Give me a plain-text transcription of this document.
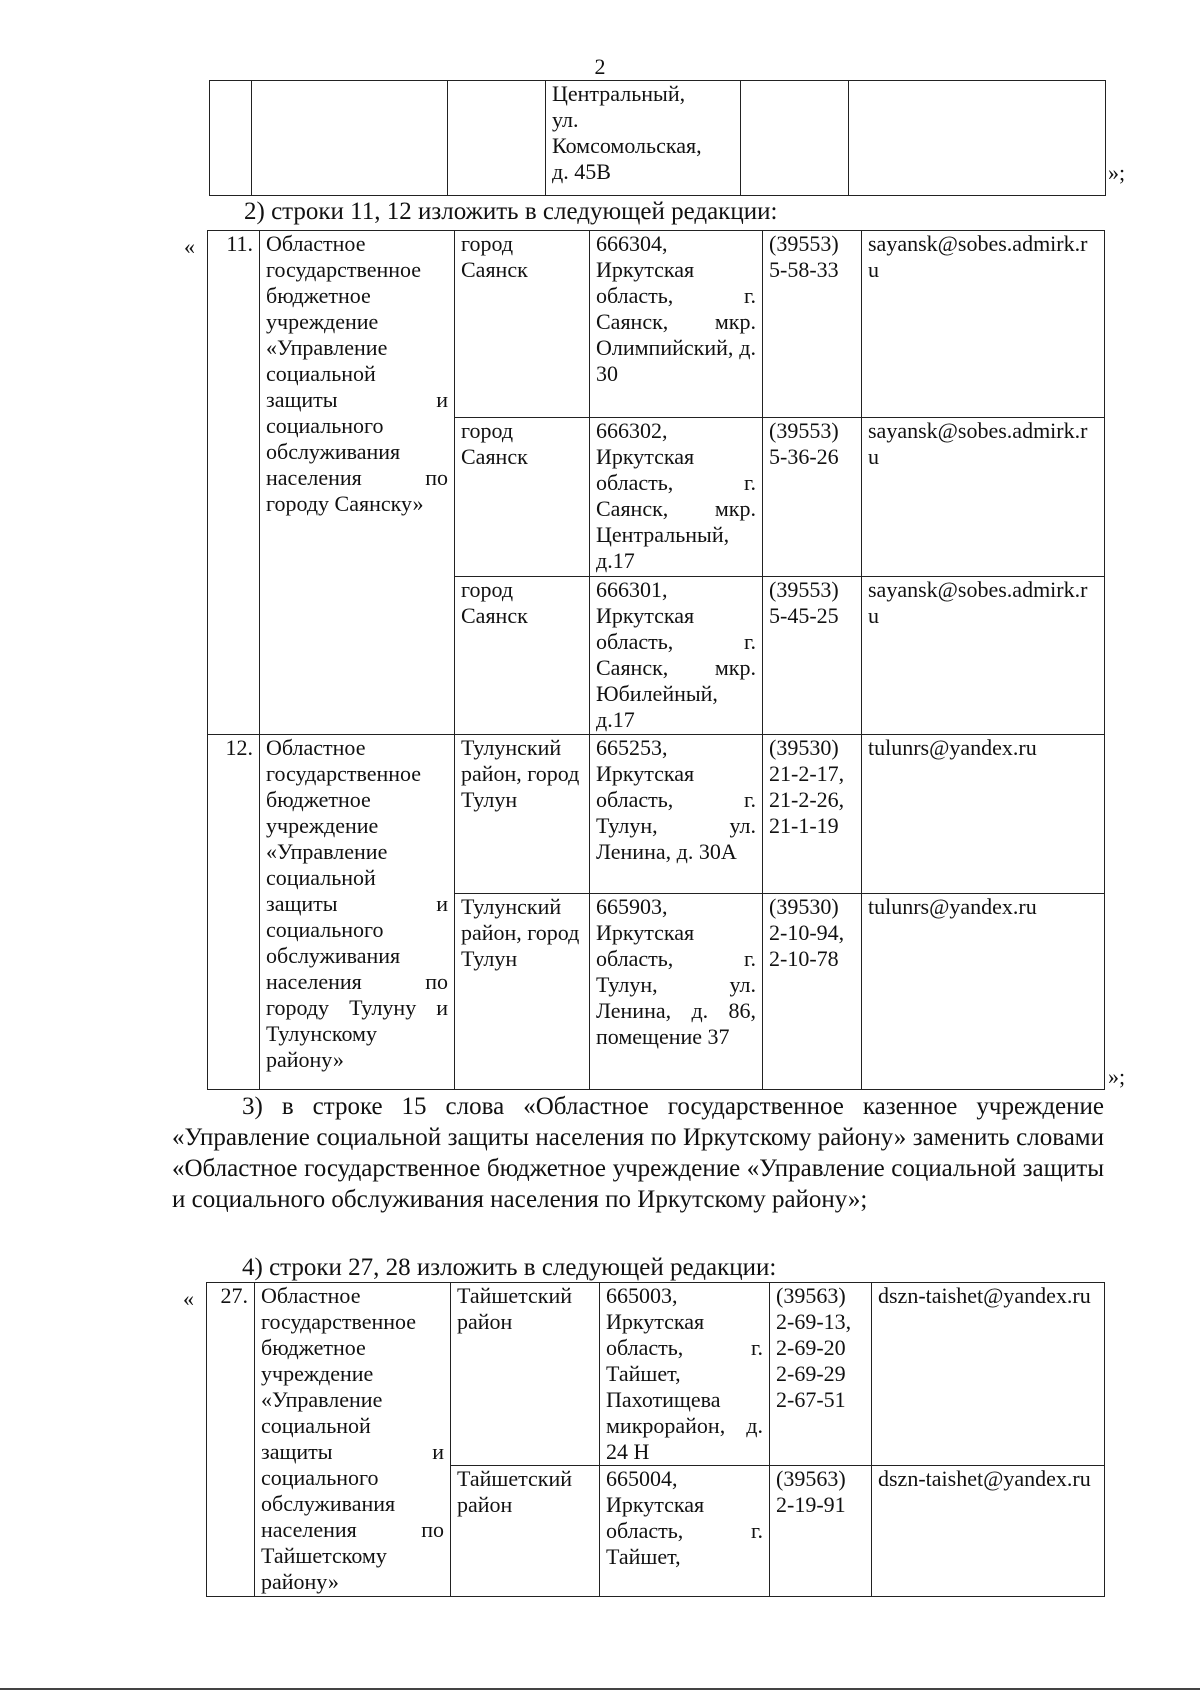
2
			Центральный,
ул.
Комсомольская,
д. 45В			»;
2) строки 11, 12 изложить в следующей редакции:
« 11.	Областное государственное бюджетное учреждение «Управление социальной защиты и социального обслуживания населения по городу Саянску»	город Саянск	666304, Иркутская область, г. Саянск, мкр. Олимпийский, д. 30	(39553) 5-58-33	sayansk@sobes.admirk.ru
		город Саянск	666302, Иркутская область, г. Саянск, мкр. Центральный, д.17	(39553) 5-36-26	sayansk@sobes.admirk.ru
		город Саянск	666301, Иркутская область, г. Саянск, мкр. Юбилейный, д.17	(39553) 5-45-25	sayansk@sobes.admirk.ru
12.	Областное государственное бюджетное учреждение «Управление социальной защиты и социального обслуживания населения по городу Тулуну и Тулунскому району»	Тулунский район, город Тулун	665253, Иркутская область, г. Тулун, ул. Ленина, д. 30А	(39530) 21-2-17, 21-2-26, 21-1-19	tulunrs@yandex.ru
		Тулунский район, город Тулун	665903, Иркутская область, г. Тулун, ул. Ленина, д. 86, помещение 37	(39530) 2-10-94, 2-10-78	tulunrs@yandex.ru
»;
3) в строке 15 слова «Областное государственное казенное учреждение «Управление социальной защиты населения по Иркутскому району» заменить словами «Областное государственное бюджетное учреждение «Управление социальной защиты и социального обслуживания населения по Иркутскому району»;
4) строки 27, 28 изложить в следующей редакции:
« 27.	Областное государственное бюджетное учреждение «Управление социальной защиты и социального обслуживания населения по Тайшетскому району»	Тайшетский район	665003, Иркутская область, г. Тайшет, Пахотищева микрорайон, д. 24 Н	(39563) 2-69-13, 2-69-20 2-69-29 2-67-51	dszn-taishet@yandex.ru
		Тайшетский район	665004, Иркутская область, г. Тайшет,	(39563) 2-19-91	dszn-taishet@yandex.ru
